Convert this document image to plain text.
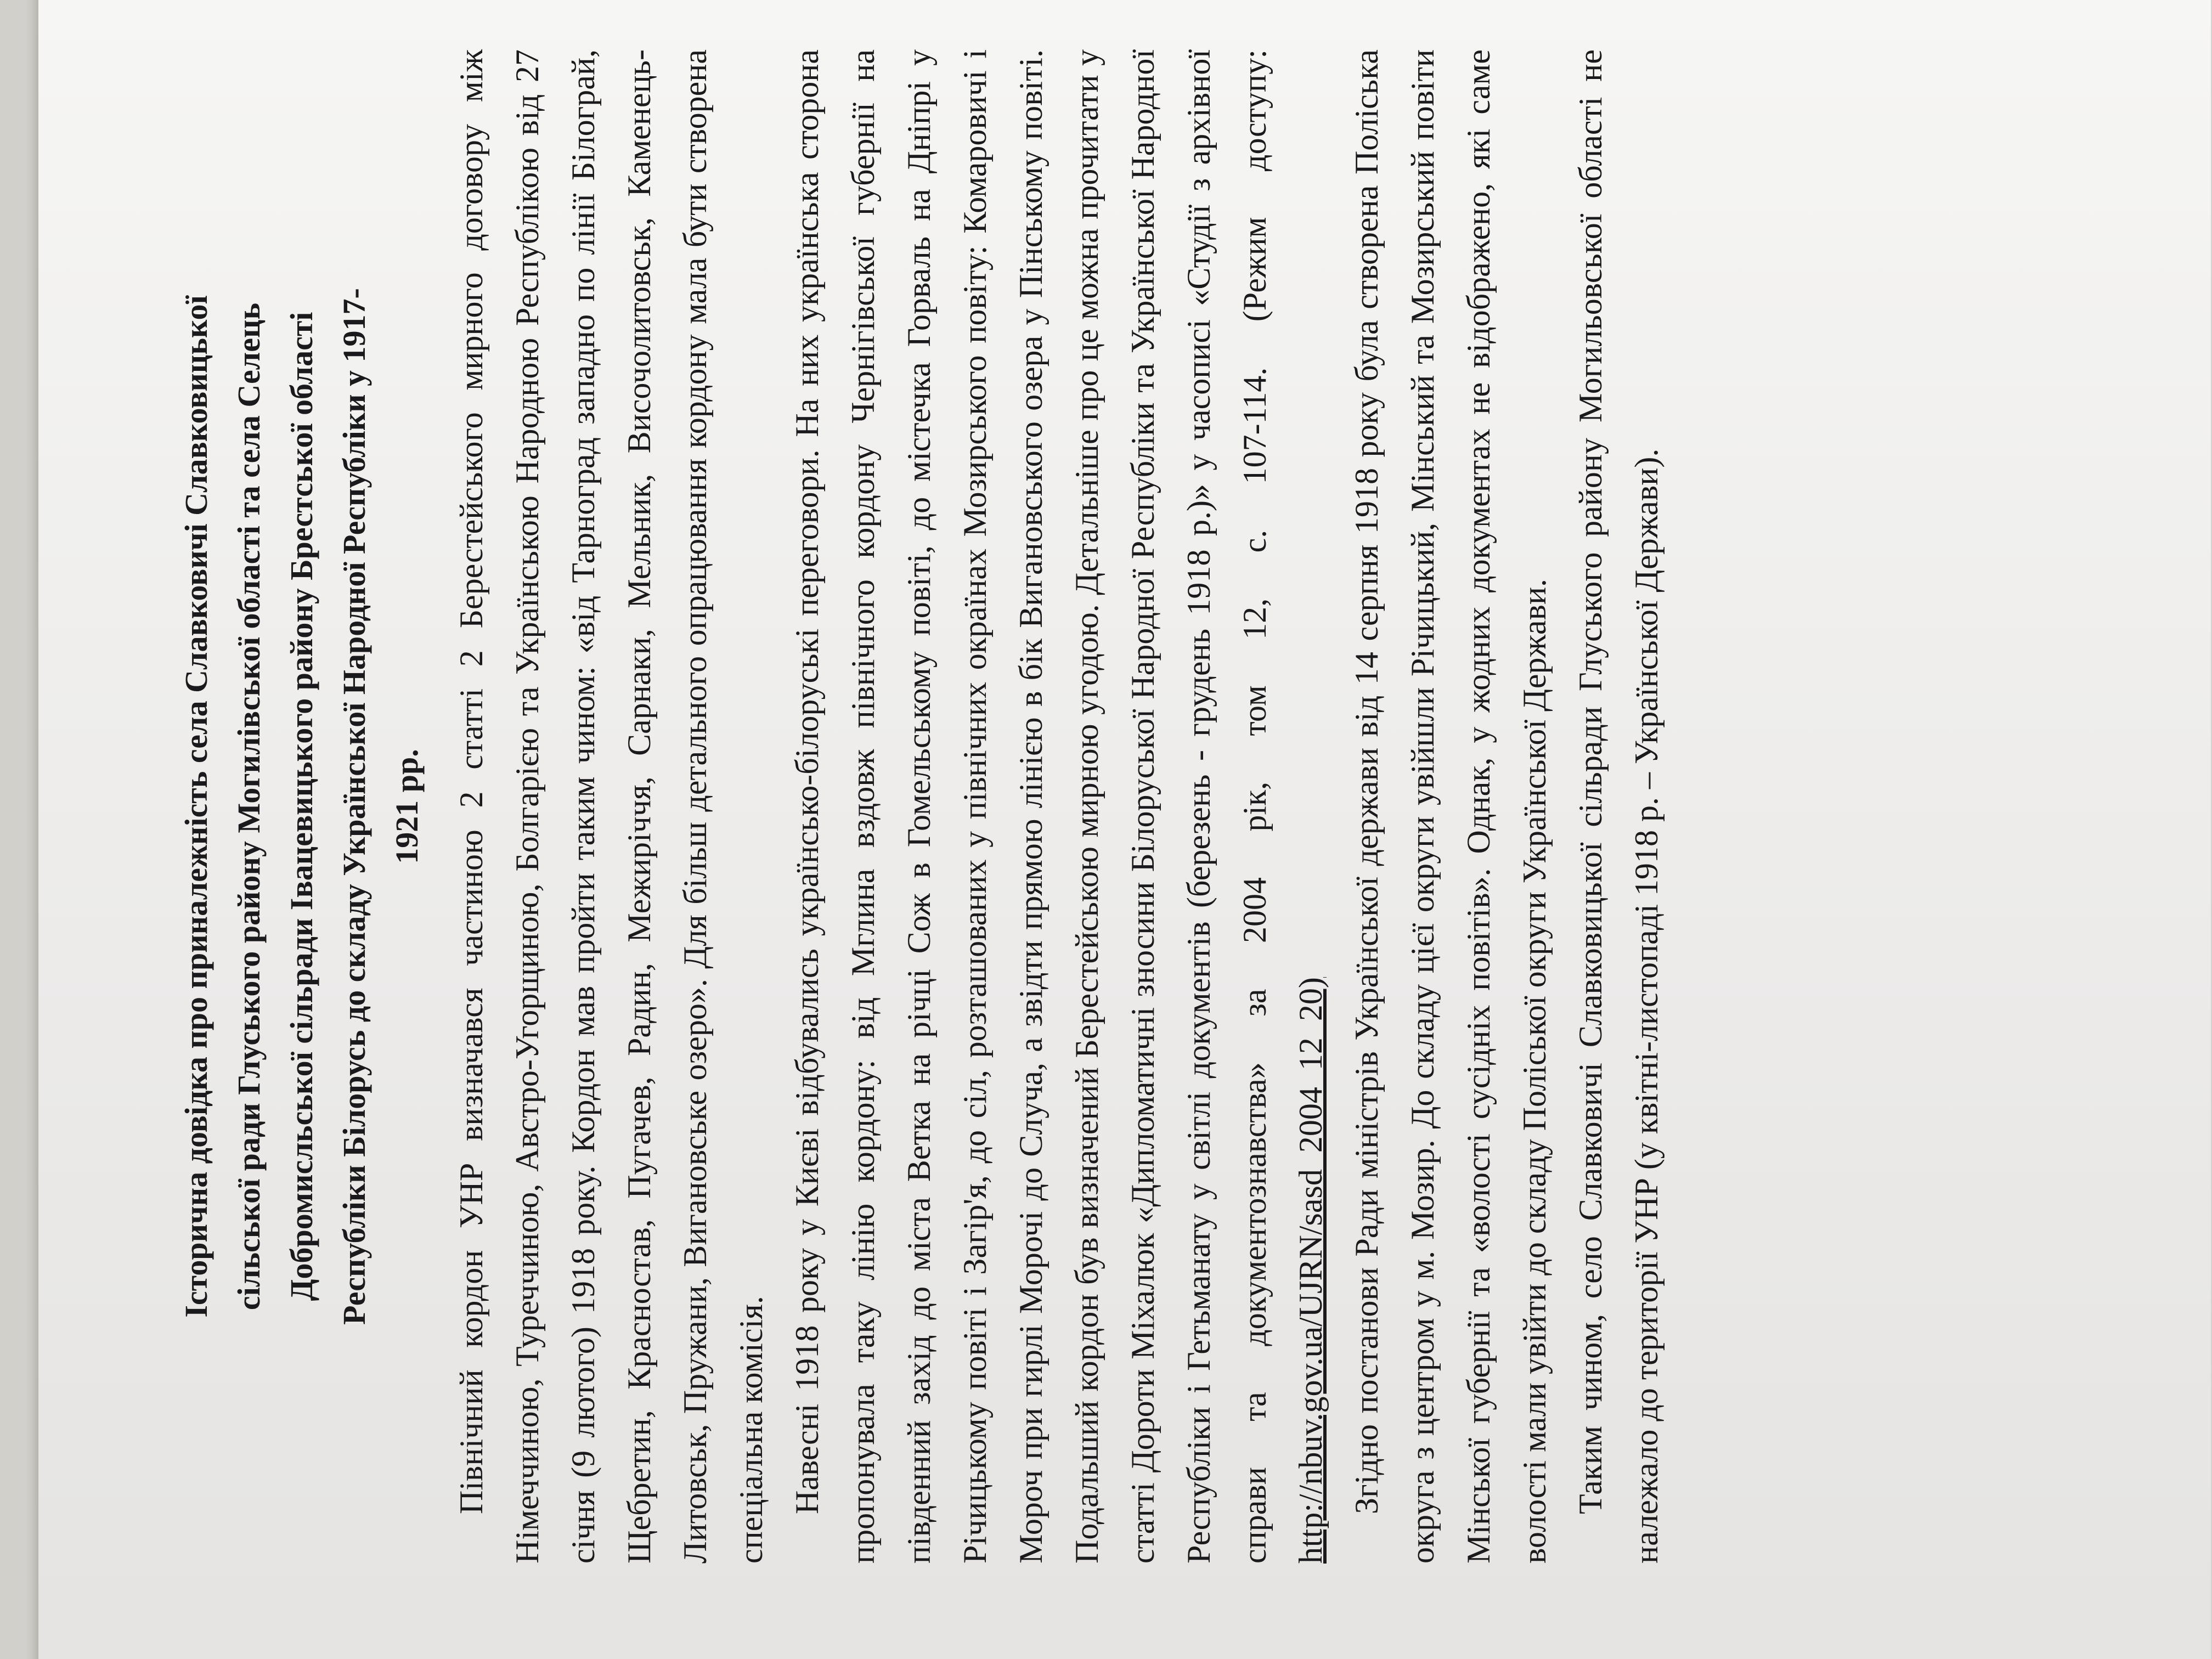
Історична довідка про приналежність села Славковичі Славковицької сільської ради Глуського району Могилівської області та села Селець Добромисльської сільради Івацевицького району Брестської області Республіки Білорусь до складу Української Народної Республіки у 1917- 1921 рр. Північний кордон УНР визначався частиною 2 статті 2 Берестейського мирного договору між Німеччиною, Туреччиною, Австро-Угорщиною, Болгарією та Українською Народною Республікою від 27 січня (9 лютого) 1918 року. Кордон мав пройти таким чином: «від Тарноград западно по лінії Білограй, Щебретин, Красностав, Пугачев, Радин, Межиріччя, Сарнаки, Мельник, Височолитовськ, Каменець-Литовськ, Пружани, Вигановське озеро». Для більш детального опрацювання кордону мала бути створена спеціальна комісія. Навесні 1918 року у Києві відбувались українсько-білоруські переговори. На них українська сторона пропонувала таку лінію кордону: від Мглина вздовж північного кордону Чернігівської губернії на південний захід до міста Ветка на річці Сож в Гомельському повіті, до містечка Горваль на Дніпрі у Річицькому повіті і Загір'я, до сіл, розташованих у північних окраїнах Мозирського повіту: Комаровичі і Мороч при гирлі Морочі до Случа, а звідти прямою лінією в бік Вигановського озера у Пінському повіті. Подальший кордон був визначений Берестейською мирною угодою. Детальніше про це можна прочитати у статті Дороти Міхалюк «Дипломатичні зносини Білоруської Народної Республіки та Української Народної Республіки і Гетьманату у світлі документів (березень - грудень 1918 р.)» у часописі «Студії з архівної справи та документознавства» за 2004 рік, том 12, с. 107-114. (Режим доступу: http://nbuv.gov.ua/UJRN/sasd_2004_12_20) Згідно постанови Ради міністрів Української держави від 14 серпня 1918 року була створена Поліська округа з центром у м. Мозир. До складу цієї округи увійшли Річицький, Мінський та Мозирський повіти Мінської губернії та «волості сусідніх повітів». Однак, у жодних документах не відображено, які саме волості мали увійти до складу Поліської округи Української Держави. Таким чином, село Славковичі Славковицької сільради Глуського району Могильовської області не належало до території УНР (у квітні-листопаді 1918 р. – Української Держави).
